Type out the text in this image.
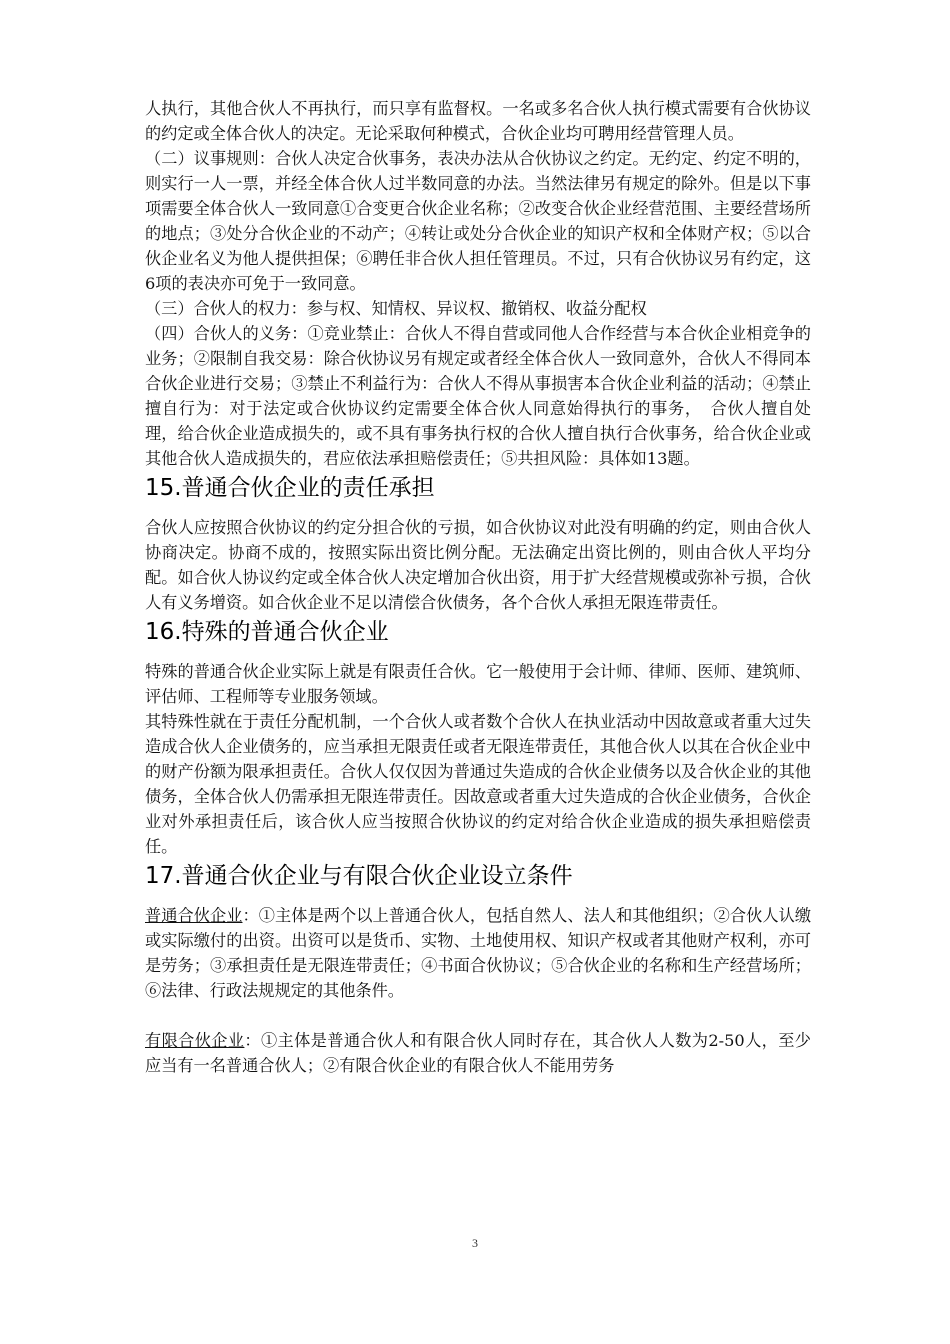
人执行，其他合伙人不再执行，而只享有监督权。一名或多名合伙人执行模式需要有合伙协议的约定或全体合伙人的决定。无论采取何种模式，合伙企业均可聘用经营管理人员。

（二）议事规则：合伙人决定合伙事务，表决办法从合伙协议之约定。无约定、约定不明的，则实行一人一票，并经全体合伙人过半数同意的办法。当然法律另有规定的除外。但是以下事项需要全体合伙人一致同意①合变更合伙企业名称；②改变合伙企业经营范围、主要经营场所的地点；③处分合伙企业的不动产；④转让或处分合伙企业的知识产权和全体财产权；⑤以合伙企业名义为他人提供担保；⑥聘任非合伙人担任管理员。不过，只有合伙协议另有约定，这6项的表决亦可免于一致同意。

（三）合伙人的权力：参与权、知情权、异议权、撤销权、收益分配权

（四）合伙人的义务：①竞业禁止：合伙人不得自营或同他人合作经营与本合伙企业相竞争的业务；②限制自我交易：除合伙协议另有规定或者经全体合伙人一致同意外，合伙人不得同本合伙企业进行交易；③禁止不利益行为：合伙人不得从事损害本合伙企业利益的活动；④禁止擅自行为：对于法定或合伙协议约定需要全体合伙人同意始得执行的事务，　合伙人擅自处理，给合伙企业造成损失的，或不具有事务执行权的合伙人擅自执行合伙事务，给合伙企业或其他合伙人造成损失的，君应依法承担赔偿责任；⑤共担风险：具体如13题。

15.普通合伙企业的责任承担

合伙人应按照合伙协议的约定分担合伙的亏损，如合伙协议对此没有明确的约定，则由合伙人协商决定。协商不成的，按照实际出资比例分配。无法确定出资比例的，则由合伙人平均分配。如合伙人协议约定或全体合伙人决定增加合伙出资，用于扩大经营规模或弥补亏损，合伙人有义务增资。如合伙企业不足以清偿合伙债务，各个合伙人承担无限连带责任。

16.特殊的普通合伙企业

特殊的普通合伙企业实际上就是有限责任合伙。它一般使用于会计师、律师、医师、建筑师、评估师、工程师等专业服务领域。

其特殊性就在于责任分配机制，一个合伙人或者数个合伙人在执业活动中因故意或者重大过失造成合伙人企业债务的，应当承担无限责任或者无限连带责任，其他合伙人以其在合伙企业中的财产份额为限承担责任。合伙人仅仅因为普通过失造成的合伙企业债务以及合伙企业的其他债务，全体合伙人仍需承担无限连带责任。因故意或者重大过失造成的合伙企业债务，合伙企业对外承担责任后，该合伙人应当按照合伙协议的约定对给合伙企业造成的损失承担赔偿责任。

17.普通合伙企业与有限合伙企业设立条件

普通合伙企业：①主体是两个以上普通合伙人，包括自然人、法人和其他组织；②合伙人认缴或实际缴付的出资。出资可以是货币、实物、土地使用权、知识产权或者其他财产权利，亦可是劳务；③承担责任是无限连带责任；④书面合伙协议；⑤合伙企业的名称和生产经营场所；⑥法律、行政法规规定的其他条件。

有限合伙企业：①主体是普通合伙人和有限合伙人同时存在，其合伙人人数为2-50人，至少应当有一名普通合伙人；②有限合伙企业的有限合伙人不能用劳务

3
